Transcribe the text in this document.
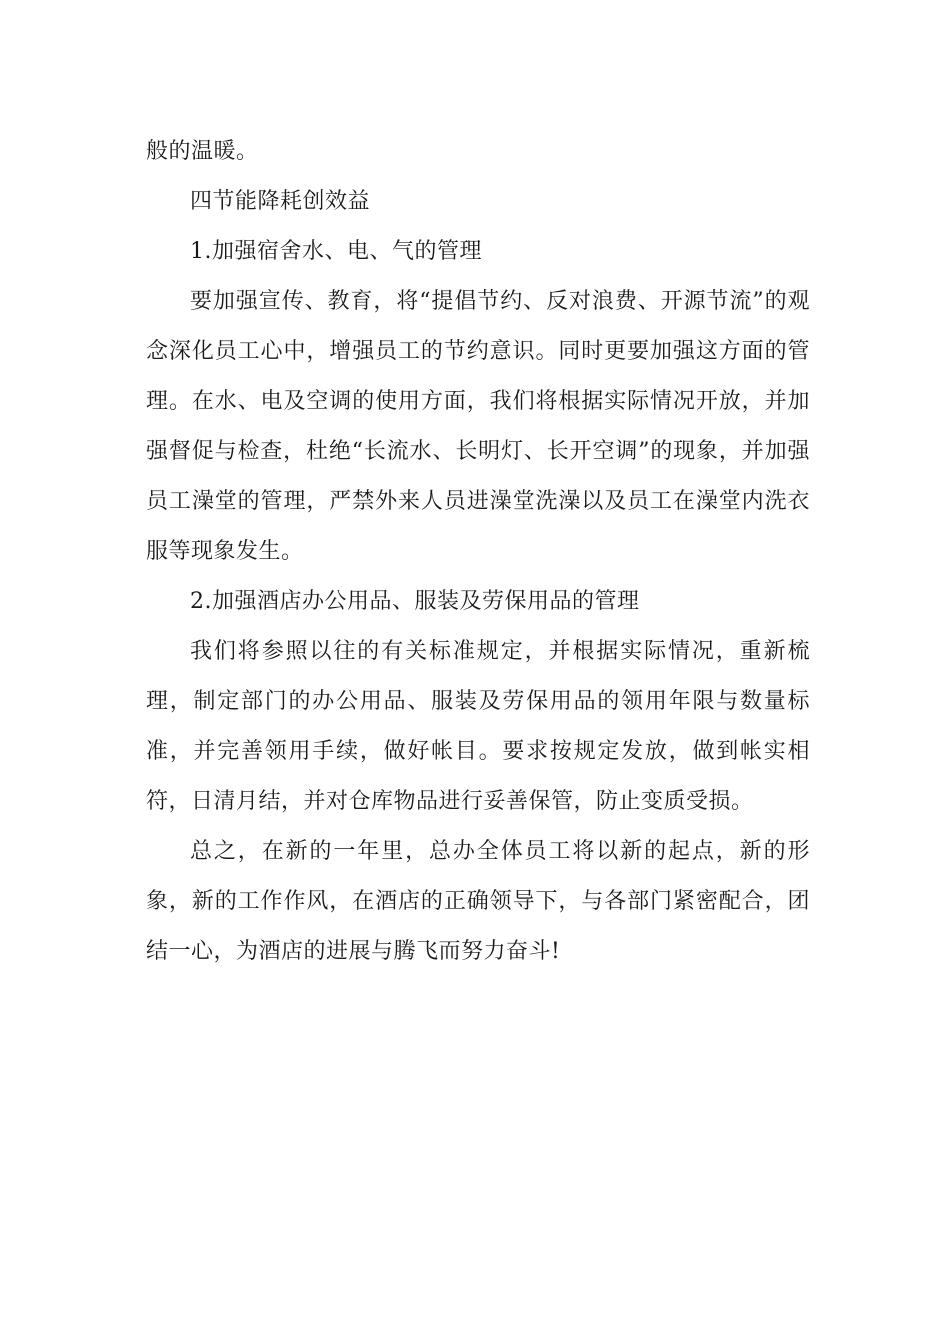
般的温暖。

四节能降耗创效益

1.加强宿舍水、电、气的管理

要加强宣传、教育，将“提倡节约、反对浪费、开源节流”的观念深化员工心中，增强员工的节约意识。同时更要加强这方面的管理。在水、电及空调的使用方面，我们将根据实际情况开放，并加强督促与检查，杜绝“长流水、长明灯、长开空调”的现象，并加强员工澡堂的管理，严禁外来人员进澡堂洗澡以及员工在澡堂内洗衣服等现象发生。

2.加强酒店办公用品、服装及劳保用品的管理

我们将参照以往的有关标准规定，并根据实际情况，重新梳理，制定部门的办公用品、服装及劳保用品的领用年限与数量标准，并完善领用手续，做好帐目。要求按规定发放，做到帐实相符，日清月结，并对仓库物品进行妥善保管，防止变质受损。

总之，在新的一年里，总办全体员工将以新的起点，新的形象，新的工作作风，在酒店的正确领导下，与各部门紧密配合，团结一心，为酒店的进展与腾飞而努力奋斗!
